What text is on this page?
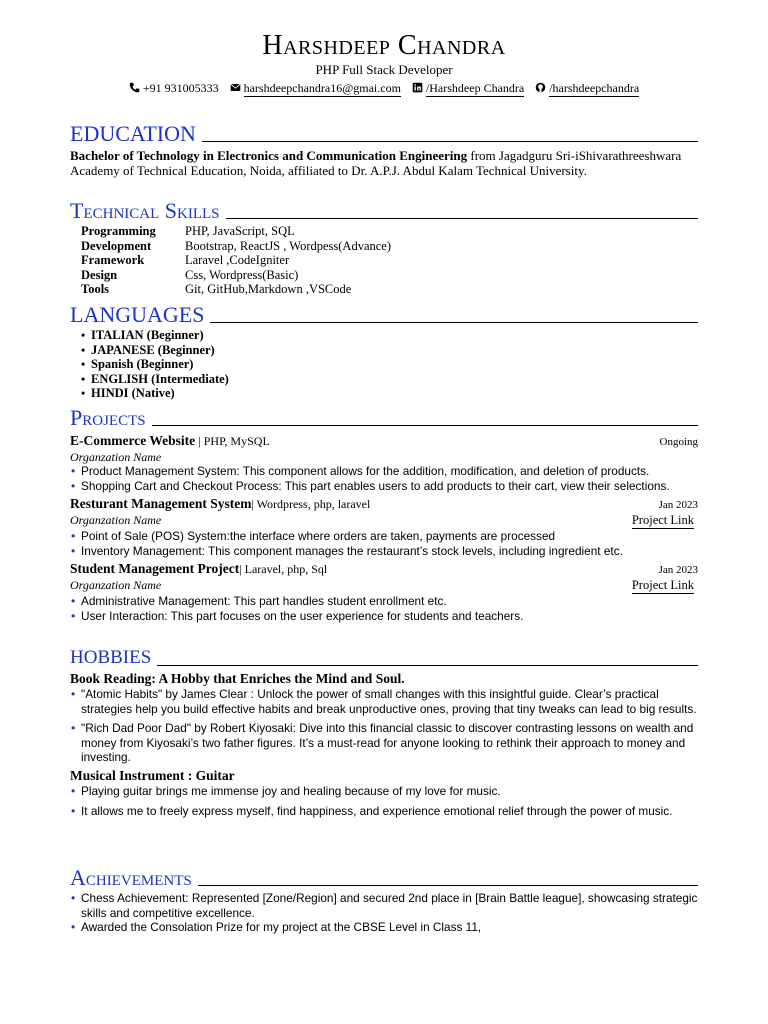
Harshdeep Chandra
PHP Full Stack Developer
+91 931005333 harshdeepchandra16@gmai.com /Harshdeep Chandra /harshdeepchandra
EDUCATION
Bachelor of Technology in Electronics and Communication Engineering from Jagadguru Sri-iShivarathreeshwara Academy of Technical Education, Noida, affiliated to Dr. A.P.J. Abdul Kalam Technical University.
Technical Skills
Programming	PHP, JavaScript, SQL
Development	Bootstrap, ReactJS , Wordpess(Advance)
Framework	Laravel ,CodeIgniter
Design	Css, Wordpress(Basic)
Tools	Git, GitHub,Markdown ,VSCode
LANGUAGES
• ITALIAN (Beginner)
• JAPANESE (Beginner)
• Spanish (Beginner)
• ENGLISH (Intermediate)
• HINDI (Native)
Projects
E-Commerce Website | PHP, MySQL	Ongoing
Organzation Name
• Product Management System: This component allows for the addition, modification, and deletion of products.
• Shopping Cart and Checkout Process: This part enables users to add products to their cart, view their selections.
Resturant Management System| Wordpress, php, laravel	Jan 2023
Organzation Name	Project Link
• Point of Sale (POS) System:the interface where orders are taken, payments are processed
• Inventory Management: This component manages the restaurant’s stock levels, including ingredient etc.
Student Management Project| Laravel, php, Sql	Jan 2023
Organzation Name	Project Link
• Administrative Management: This part handles student enrollment etc.
• User Interaction: This part focuses on the user experience for students and teachers.
HOBBIES
Book Reading: A Hobby that Enriches the Mind and Soul.
• "Atomic Habits" by James Clear : Unlock the power of small changes with this insightful guide. Clear’s practical strategies help you build effective habits and break unproductive ones, proving that tiny tweaks can lead to big results.
• "Rich Dad Poor Dad" by Robert Kiyosaki: Dive into this financial classic to discover contrasting lessons on wealth and money from Kiyosaki’s two father figures. It’s a must-read for anyone looking to rethink their approach to money and investing.
Musical Instrument : Guitar
• Playing guitar brings me immense joy and healing because of my love for music.
• It allows me to freely express myself, find happiness, and experience emotional relief through the power of music.
Achievements
• Chess Achievement: Represented [Zone/Region] and secured 2nd place in [Brain Battle league], showcasing strategic skills and competitive excellence.
• Awarded the Consolation Prize for my project at the CBSE Level in Class 11,
